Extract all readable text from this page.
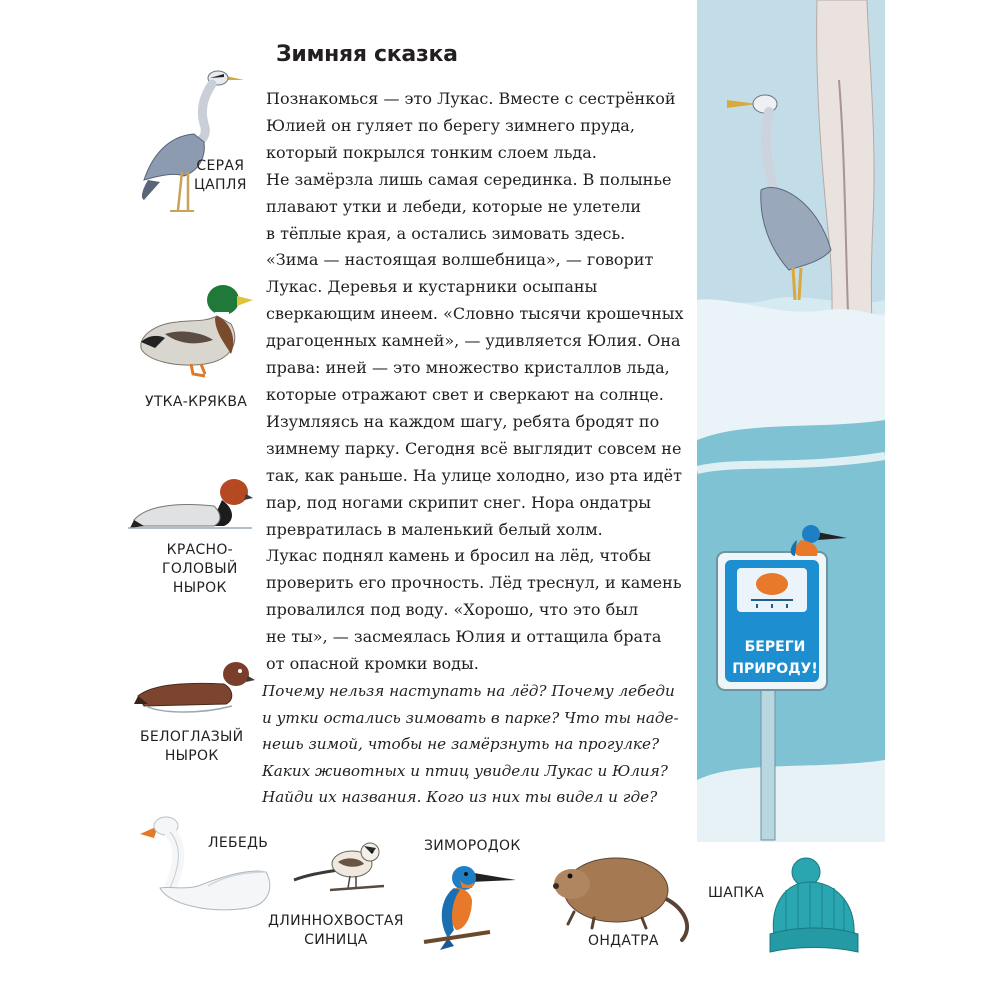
Зимняя сказка
Познакомься — это Лукас. Вместе с сестрёнкой
Юлией он гуляет по берегу зимнего пруда,
который покрылся тонким слоем льда.
Не замёрзла лишь самая серединка. В полынье
плавают утки и лебеди, которые не улетели
в тёплые края, а остались зимовать здесь.
«Зима — настоящая волшебница», — говорит
Лукас. Деревья и кустарники осыпаны
сверкающим инеем. «Словно тысячи крошечных
драгоценных камней», — удивляется Юлия. Она
права: иней — это множество кристаллов льда,
которые отражают свет и сверкают на солнце.
Изумляясь на каждом шагу, ребята бродят по
зимнему парку. Сегодня всё выглядит совсем не
так, как раньше. На улице холодно, изо рта идёт
пар, под ногами скрипит снег. Нора ондатры
превратилась в маленький белый холм.
Лукас поднял камень и бросил на лёд, чтобы
проверить его прочность. Лёд треснул, и камень
провалился под воду. «Хорошо, что это был
не ты», — засмеялась Юлия и оттащила брата
от опасной кромки воды.
Почему нельзя наступать на лёд? Почему лебеди
и утки остались зимовать в парке? Что ты наде-
нешь зимой, чтобы не замёрзнуть на прогулке?
Каких животных и птиц увидели Лукас и Юлия?
Найди их названия. Кого из них ты видел и где?
СЕРАЯ
ЦАПЛЯ
УТКА-КРЯКВА
КРАСНО-
ГОЛОВЫЙ
НЫРОК
БЕЛОГЛАЗЫЙ
НЫРОК
ЛЕБЕДЬ
ДЛИННОХВОСТАЯ
СИНИЦА
ЗИМОРОДОК
ОНДАТРА
ШАПКА
БЕРЕГИ
ПРИРОДУ!
